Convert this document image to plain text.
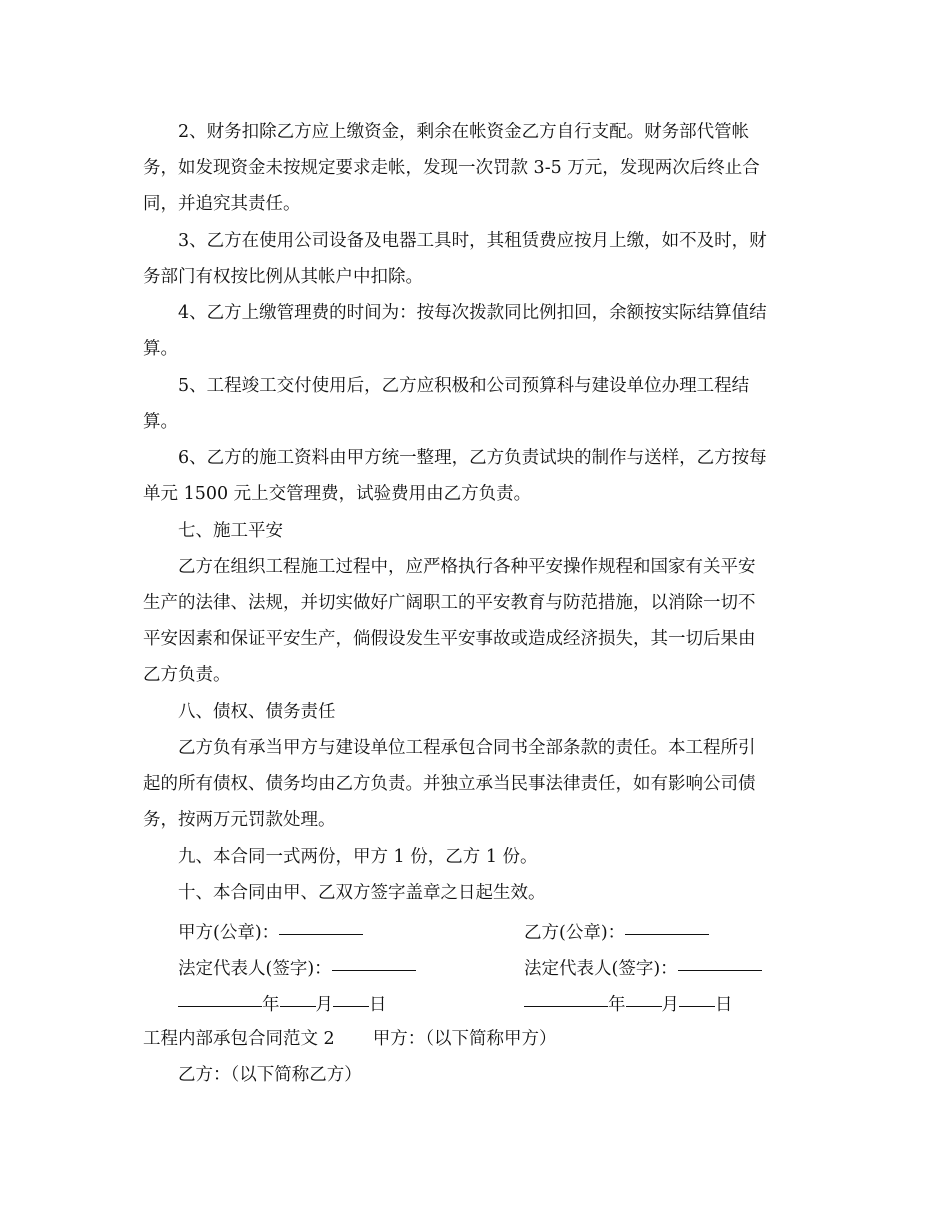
2、财务扣除乙方应上缴资金，剩余在帐资金乙方自行支配。财务部代管帐
务，如发现资金未按规定要求走帐，发现一次罚款 3-5 万元，发现两次后终止合
同，并追究其责任。
3、乙方在使用公司设备及电器工具时，其租赁费应按月上缴，如不及时，财
务部门有权按比例从其帐户中扣除。
4、乙方上缴管理费的时间为：按每次拨款同比例扣回，余额按实际结算值结
算。
5、工程竣工交付使用后，乙方应积极和公司预算科与建设单位办理工程结
算。
6、乙方的施工资料由甲方统一整理，乙方负责试块的制作与送样，乙方按每
单元 1500 元上交管理费，试验费用由乙方负责。
七、施工平安
乙方在组织工程施工过程中，应严格执行各种平安操作规程和国家有关平安
生产的法律、法规，并切实做好广阔职工的平安教育与防范措施，以消除一切不
平安因素和保证平安生产，倘假设发生平安事故或造成经济损失，其一切后果由
乙方负责。
八、债权、债务责任
乙方负有承当甲方与建设单位工程承包合同书全部条款的责任。本工程所引
起的所有债权、债务均由乙方负责。并独立承当民事法律责任，如有影响公司债
务，按两万元罚款处理。
九、本合同一式两份，甲方 1 份，乙方 1 份。
十、本合同由甲、乙双方签字盖章之日起生效。
甲方(公章)：	乙方(公章)：
法定代表人(签字)：	法定代表人(签字)：
年 月 日	年 月 日
工程内部承包合同范文 2 甲方：（以下简称甲方）
乙方：（以下简称乙方）
